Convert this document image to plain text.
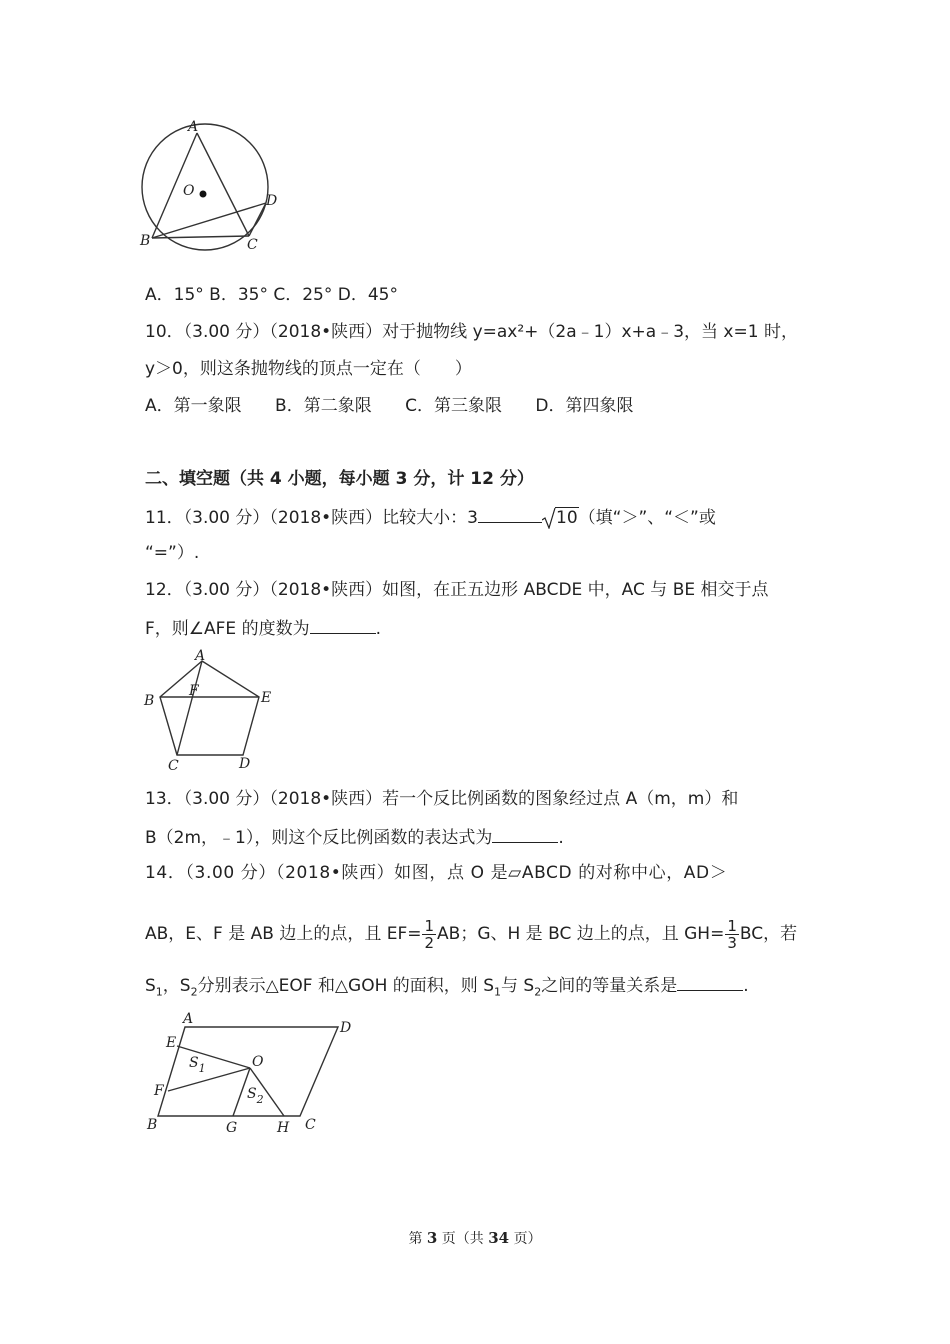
A
O
D
B	C
A．15° B．35° C．25° D．45°
10．（3.00 分）（2018•陕西）对于抛物线 y=ax²+（2a﹣1）x+a﹣3，当 x=1 时，
y＞0，则这条抛物线的顶点一定在（　　）
A．第一象限 B．第二象限 C．第三象限 D．第四象限
二、填空题（共 4 小题，每小题 3 分，计 12 分）
11．（3.00 分）（2018•陕西）比较大小：3	10（填“＞”、“＜”或
“=”）.
12．（3.00 分）（2018•陕西）如图，在正五边形 ABCDE 中，AC 与 BE 相交于点
F，则∠AFE 的度数为	.
A
F
B	E
C	D
13．（3.00 分）（2018•陕西）若一个反比例函数的图象经过点 A（m，m）和
B（2m，﹣1），则这个反比例函数的表达式为	.
14．（3.00 分）（2018•陕西）如图，点 O 是▱ABCD 的对称中心，AD＞
AB，E、F 是 AB 边上的点，且 $EF= \frac{1}{2}$ AB；G、H 是 BC 边上的点，且 $GH= \frac{1}{3}$ BC，若
$S_1$，$S_2$分别表示△EOF 和△GOH 的面积，则 $S_1$与 $S_2$之间的等量关系是	.
A
D
E
$S_1$	O
F	$S_2$
B	G	H C
第 3 页（共 34 页）
